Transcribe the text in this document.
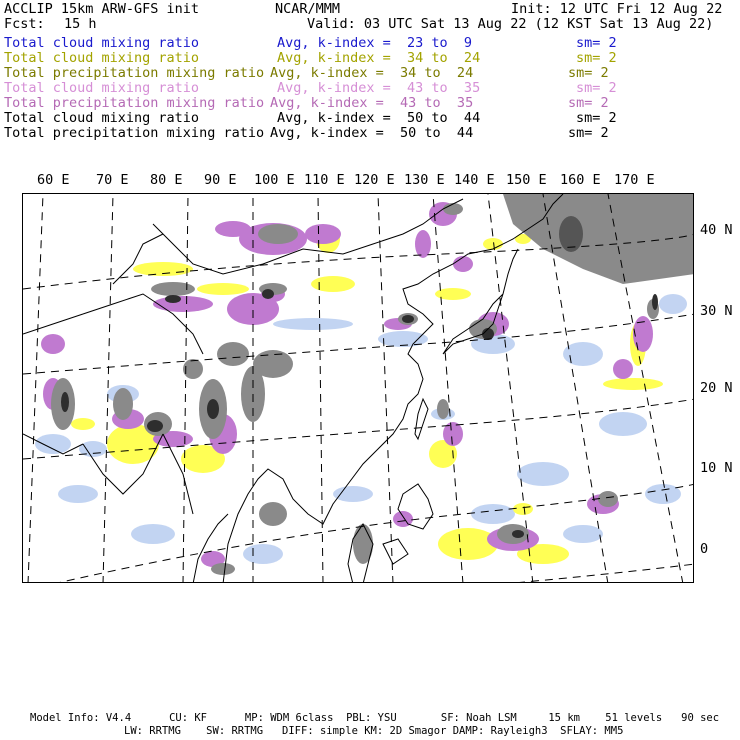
ACCLIP 15km ARW-GFS init	NCAR/MMM	Init: 12 UTC Fri 12 Aug 22
Fcst: 15 h	Valid: 03 UTC Sat 13 Aug 22 (12 KST Sat 13 Aug 22)
Total cloud mixing ratio	Avg, k-index =  23 to  9	sm= 2
Total cloud mixing ratio	Avg, k-index =  34 to  24	sm= 2
Total precipitation mixing ratio Avg, k-index =  34 to  24	sm= 2
Total cloud mixing ratio	Avg, k-index =  43 to  35	sm= 2
Total precipitation mixing ratio Avg, k-index =  43 to  35	sm= 2
Total cloud mixing ratio	Avg, k-index =  50 to  44	sm= 2
Total precipitation mixing ratio Avg, k-index =  50 to  44	sm= 2
60 E 70 E 80 E 90 E 100 E 110 E 120 E 130 E 140 E 150 E 160 E 170 E
40 N
30 N
20 N
10 N
0
Model Info: V4.4      CU: KF      MP: WDM 6class  PBL: YSU       SF: Noah LSM     15 km    51 levels   90 sec
LW: RRTMG    SW: RRTMG   DIFF: simple KM: 2D Smagor DAMP: Rayleigh3  SFLAY: MM5
